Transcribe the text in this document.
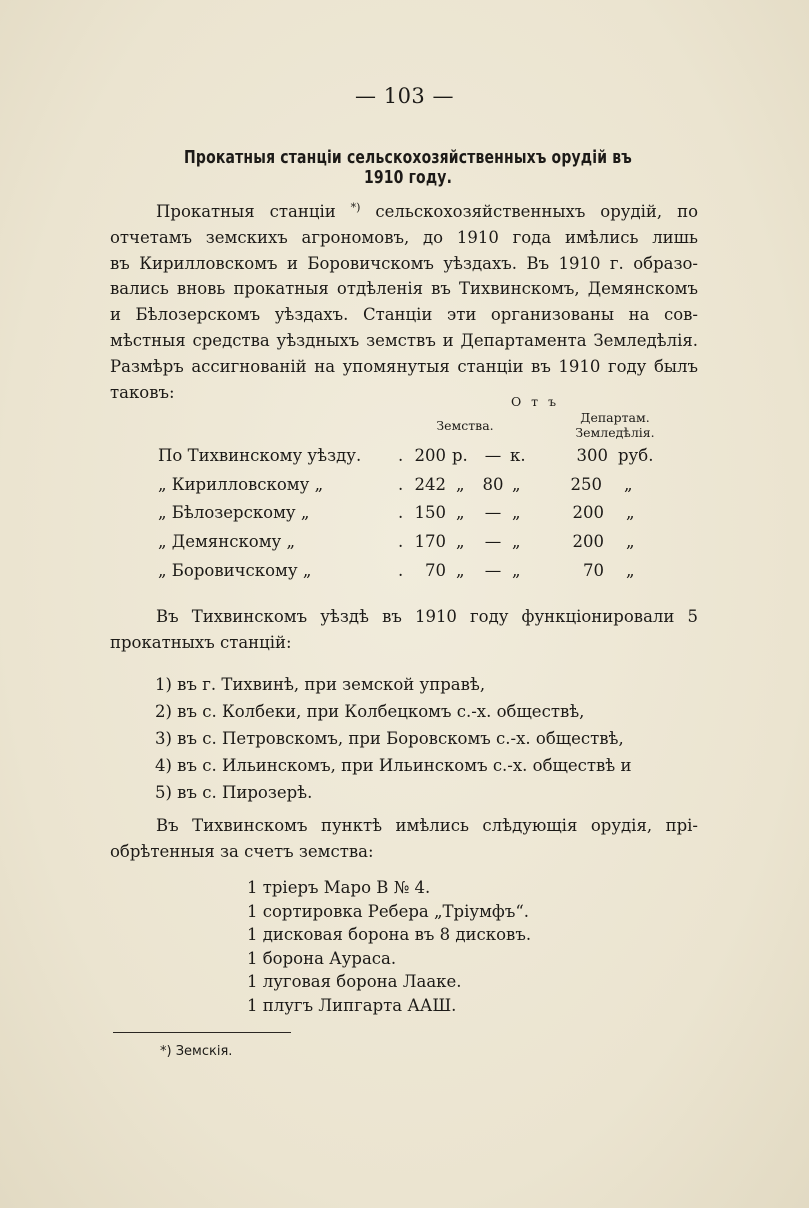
— 103 —
Прокатныя станціи сельскохозяйственныхъ орудій въ 1910 году.
Прокатныя станціи *) сельскохозяйственныхъ орудій, по
отчетамъ земскихъ агрономовъ, до 1910 года имѣлись лишь
въ Кирилловскомъ и Боровичскомъ уѣздахъ. Въ 1910 г. образо-
вались вновь прокатныя отдѣленія въ Тихвинскомъ, Демянскомъ
и Бѣлозерскомъ уѣздахъ. Станціи эти организованы на сов-
мѣстныя средства уѣздныхъ земствъ и Департамента Земледѣлія.
Размѣръ ассигнованій на упомянутыя станціи въ 1910 году былъ
таковъ:	О т ъ
Земства.
Департам.
Земледѣлія.
По Тихвинскому уѣзду. . 200 р. — к.	300 руб.
„ Кирилловскому „	. 242 „ 80 „	250 „
„ Бѣлозерскому „	. 150 „ — „	200 „
„ Демянскому „	. 170 „ — „	200 „
„ Боровичскому „	.	70 „ — „	70 „
Въ Тихвинскомъ уѣздѣ въ 1910 году функціонировали 5
прокатныхъ станцій:
1) въ г. Тихвинѣ, при земской управѣ,
2) въ с. Колбеки, при Колбецкомъ с.-х. обществѣ,
3) въ с. Петровскомъ, при Боровскомъ с.-х. обществѣ,
4) въ с. Ильинскомъ, при Ильинскомъ с.-х. обществѣ и
5) въ с. Пирозерѣ.
Въ Тихвинскомъ пунктѣ имѣлись слѣдующія орудія, прі-
обрѣтенныя за счетъ земства:
1 тріеръ Маро В № 4.
1 сортировка Ребера „Тріумфъ“.
1 дисковая борона въ 8 дисковъ.
1 борона Ауpaca.
1 луговая борона Лааке.
1 плугъ Липгарта ААШ.
*) Земскія.
